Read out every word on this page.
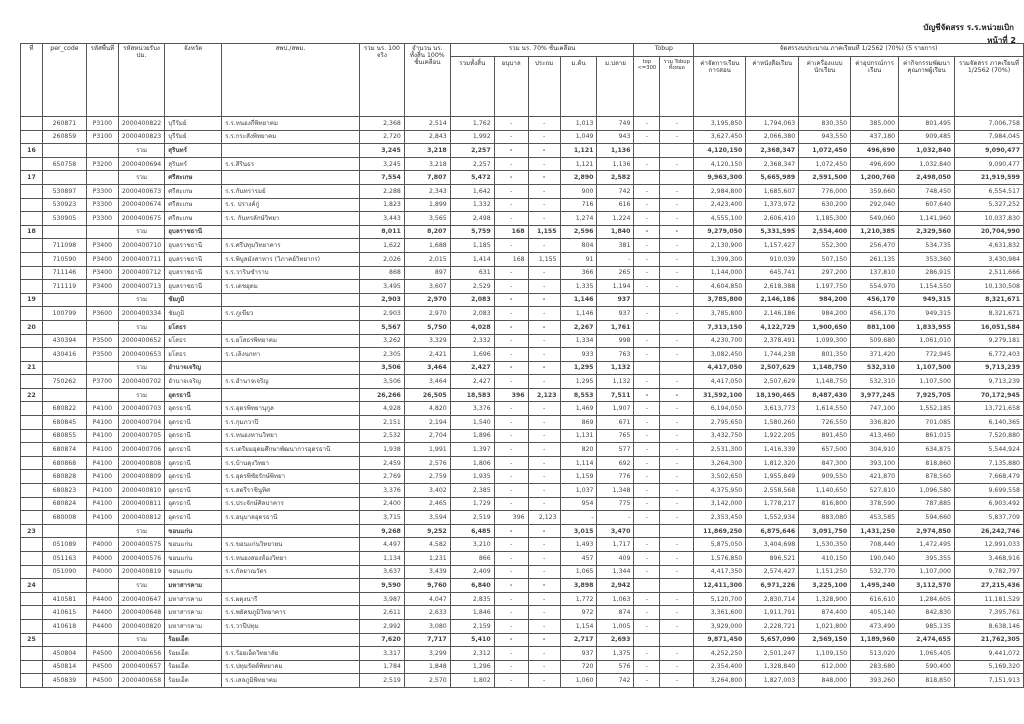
บัญชีจัดสรร ร.ร.หน่วยเบิก
หน้าที่ 2
ที่	per_code	รหัสพื้นที่	รหัสหน่วยรับงปม.	จังหวัด	สพป./สพม.	รวม นร. 100 จริง	จำนวน นร. ทั้งสิ้น 100% ชั้นเคลื่อน	รวม นร. 70% ชั้นเคลื่อน					Tobup		จัดสรรงบประมาณ ภาคเรียนที่ 1/2562 (70%) (5 รายการ)					
								รวมทั้งสิ้น	อนุบาล	ประถม	ม.ต้น	ม.ปลาย	top <=300	รวม Tobup ทั้งหมด	ค่าจัดการเรียนการสอน	ค่าหนังสือเรียน	ค่าเครื่องแบบนักเรียน	ค่าอุปกรณ์การเรียน	ค่ากิจกรรมพัฒนาคุณภาพผู้เรียน	รวมจัดสรร ภาคเรียนที่ 1/2562 (70%)
	260871	P3100	2000400822	บุรีรัมย์	ร.ร.หนองกี่พิทยาคม	2,368	2,514	1,762	-	-	1,013	749	-	-	3,195,850	1,794,063	830,350	385,000	801,495	7,006,758
	260859	P3100	2000400823	บุรีรัมย์	ร.ร.กระสังพิทยาคม	2,720	2,843	1,992	-	-	1,049	943	-	-	3,627,450	2,066,380	943,550	437,180	909,485	7,984,045
16			รวม	สุรินทร์		3,245	3,218	2,257	-	-	1,121	1,136			4,120,150	2,368,347	1,072,450	496,690	1,032,840	9,090,477
	650758	P3200	2000400694	สุรินทร์	ร.ร.สิรินธร	3,245	3,218	2,257	-	-	1,121	1,136	-	-	4,120,150	2,368,347	1,072,450	496,690	1,032,840	9,090,477
17			รวม	ศรีสะเกษ		7,554	7,807	5,472	-	-	2,890	2,582			9,963,300	5,665,989	2,591,500	1,200,760	2,498,050	21,919,599
	530897	P3300	2000400673	ศรีสะเกษ	ร.ร.กันทรารมย์	2,288	2,343	1,642	-	-	900	742	-	-	2,984,800	1,685,607	776,000	359,660	748,450	6,554,517
	530923	P3300	2000400674	ศรีสะเกษ	ร.ร. ปรางค์กู่	1,823	1,899	1,332	-	-	716	616	-	-	2,423,400	1,373,972	630,200	292,040	607,640	5,327,252
	530905	P3300	2000400675	ศรีสะเกษ	ร.ร. กันทรลักษ์วิทยา	3,443	3,565	2,498	-	-	1,274	1,224	-	-	4,555,100	2,606,410	1,185,300	549,060	1,141,960	10,037,830
18			รวม	อุบลราชธานี		8,011	8,207	5,759	168	1,155	2,596	1,840	-	-	9,279,050	5,331,595	2,554,400	1,210,385	2,329,560	20,704,990
	711098	P3400	2000400710	อุบลราชธานี	ร.ร.ศรีปทุมวิทยาคาร	1,622	1,688	1,185	-	-	804	381	-	-	2,130,900	1,157,427	552,300	256,470	534,735	4,631,832
	710590	P3400	2000400711	อุบลราชธานี	ร.ร.พิบูลมังสาหาร (วิภาคย์วิทยากร)	2,026	2,015	1,414	168	1,155	91	-	-	-	1,399,300	910,039	507,150	261,135	353,360	3,430,984
	711146	P3400	2000400712	อุบลราชธานี	ร.ร.วารินชำราบ	868	897	631	-	-	366	265	-	-	1,144,000	645,741	297,200	137,810	286,915	2,511,666
	711119	P3400	2000400713	อุบลราชธานี	ร.ร.เดชอุดม	3,495	3,607	2,529	-	-	1,335	1,194	-	-	4,604,850	2,618,388	1,197,750	554,970	1,154,550	10,130,508
19			รวม	ชัยภูมิ		2,903	2,970	2,083	-	-	1,146	937			3,785,800	2,146,186	984,200	456,170	949,315	8,321,671
	100799	P3600	2000400334	ชัยภูมิ	ร.ร.ภูเขียว	2,903	2,970	2,083	-	-	1,146	937	-	-	3,785,800	2,146,186	984,200	456,170	949,315	8,321,671
20			รวม	ยโสธร		5,567	5,750	4,028	-	-	2,267	1,761			7,313,150	4,122,729	1,900,650	881,100	1,833,955	16,051,584
	430394	P3500	2000400652	ยโสธร	ร.ร.ยโสธรพิทยาคม	3,262	3,329	2,332	-	-	1,334	998	-	-	4,230,700	2,378,491	1,099,300	509,680	1,061,010	9,279,181
	430416	P3500	2000400653	ยโสธร	ร.ร.เลิงนกทา	2,305	2,421	1,696	-	-	933	763	-	-	3,082,450	1,744,238	801,350	371,420	772,945	6,772,403
21			รวม	อำนาจเจริญ		3,506	3,464	2,427	-	-	1,295	1,132			4,417,050	2,507,629	1,148,750	532,310	1,107,500	9,713,239
	750262	P3700	2000400702	อำนาจเจริญ	ร.ร.อำนาจเจริญ	3,506	3,464	2,427	-	-	1,295	1,132	-	-	4,417,050	2,507,629	1,148,750	532,310	1,107,500	9,713,239
22			รวม	อุดรธานี		26,266	26,505	18,583	396	2,123	8,553	7,511	-	-	31,592,100	18,190,465	8,487,430	3,977,245	7,925,705	70,172,945
	680822	P4100	2000400703	อุดรธานี	ร.ร.อุดรพิทยานุกูล	4,928	4,820	3,376	-	-	1,469	1,907	-	-	6,194,050	3,613,773	1,614,550	747,100	1,552,185	13,721,658
	680845	P4100	2000400704	อุดรธานี	ร.ร.กุมภวาปี	2,151	2,194	1,540	-	-	869	671	-	-	2,795,650	1,580,260	726,550	336,820	701,085	6,140,365
	680855	P4100	2000400705	อุดรธานี	ร.ร.หนองหานวิทยา	2,532	2,704	1,896	-	-	1,131	765	-	-	3,432,750	1,922,205	891,450	413,460	861,015	7,520,880
	680874	P4100	2000400706	อุดรธานี	ร.ร.เตรียมอุดมศึกษาพัฒนาการอุดรธานี	1,938	1,991	1,397	-	-	820	577	-	-	2,531,300	1,416,339	657,500	304,910	634,875	5,544,924
	680868	P4100	2000400808	อุดรธานี	ร.ร.บ้านดุงวิทยา	2,459	2,576	1,806	-	-	1,114	692	-	-	3,264,300	1,812,320	847,300	393,100	818,860	7,135,880
	680828	P4100	2000400809	อุดรธานี	ร.ร.อุดรพิชัยรักษ์พิทยา	2,769	2,759	1,935	-	-	1,159	776	-	-	3,502,650	1,955,849	909,550	421,870	878,560	7,668,479
	680823	P4100	2000400810	อุดรธานี	ร.ร.สตรีราชินูทิศ	3,376	3,402	2,385	-	-	1,037	1,348	-	-	4,375,950	2,558,568	1,140,650	527,810	1,096,580	9,699,558
	680824	P4100	2000400811	อุดรธานี	ร.ร.ประจักษ์ศิลปาคาร	2,400	2,465	1,729	-	-	954	775	-	-	3,142,000	1,778,217	816,800	378,590	787,885	6,903,492
	680008	P4100	2000400812	อุดรธานี	ร.ร.อนุบาลอุดรธานี	3,715	3,594	2,519	396	2,123	-	-	-	-	2,353,450	1,552,934	883,080	453,585	594,660	5,837,709
23			รวม	ขอนแก่น		9,268	9,252	6,485	-	-	3,015	3,470			11,869,250	6,875,646	3,091,750	1,431,250	2,974,850	26,242,746
	051089	P4000	2000400575	ขอนแก่น	ร.ร.ขอนแก่นวิทยายน	4,497	4,582	3,210	-	-	1,493	1,717	-	-	5,875,050	3,404,698	1,530,350	708,440	1,472,495	12,991,033
	051163	P4000	2000400576	ขอนแก่น	ร.ร.หนองสองห้องวิทยา	1,134	1,231	866	-	-	457	409	-	-	1,576,850	896,521	410,150	190,040	395,355	3,468,916
	051090	P4000	2000400819	ขอนแก่น	ร.ร.กัลยาณวัตร	3,637	3,439	2,409	-	-	1,065	1,344	-	-	4,417,350	2,574,427	1,151,250	532,770	1,107,000	9,782,797
24			รวม	มหาสารคาม		9,590	9,760	6,840	-	-	3,898	2,942			12,411,300	6,971,226	3,225,100	1,495,240	3,112,570	27,215,436
	410581	P4400	2000400647	มหาสารคาม	ร.ร.ผดุงนารี	3,987	4,047	2,835	-	-	1,772	1,063	-	-	5,120,700	2,830,714	1,328,900	616,610	1,284,605	11,181,529
	410615	P4400	2000400648	มหาสารคาม	ร.ร.พยัคฆภูมิวิทยาคาร	2,611	2,633	1,846	-	-	972	874	-	-	3,361,600	1,911,791	874,400	405,140	842,830	7,395,761
	410618	P4400	2000400820	มหาสารคาม	ร.ร.วาปีปทุม	2,992	3,080	2,159	-	-	1,154	1,005	-	-	3,929,000	2,228,721	1,021,800	473,490	985,135	8,638,146
25			รวม	ร้อยเอ็ด		7,620	7,717	5,410	-	-	2,717	2,693			9,871,450	5,657,090	2,569,150	1,189,960	2,474,655	21,762,305
	450804	P4500	2000400656	ร้อยเอ็ด	ร.ร.ร้อยเอ็ดวิทยาลัย	3,317	3,299	2,312	-	-	937	1,375	-	-	4,252,250	2,501,247	1,109,150	513,020	1,065,405	9,441,072
	450814	P4500	2000400657	ร้อยเอ็ด	ร.ร.ปทุมรัตต์พิทยาคม	1,784	1,848	1,296	-	-	720	576	-	-	2,354,400	1,328,840	612,000	283,680	590,400	5,169,320
	450839	P4500	2000400658	ร้อยเอ็ด	ร.ร.เสลภูมิพิทยาคม	2,519	2,570	1,802	-	-	1,060	742	-	-	3,264,800	1,827,003	848,000	393,260	818,850	7,151,913
